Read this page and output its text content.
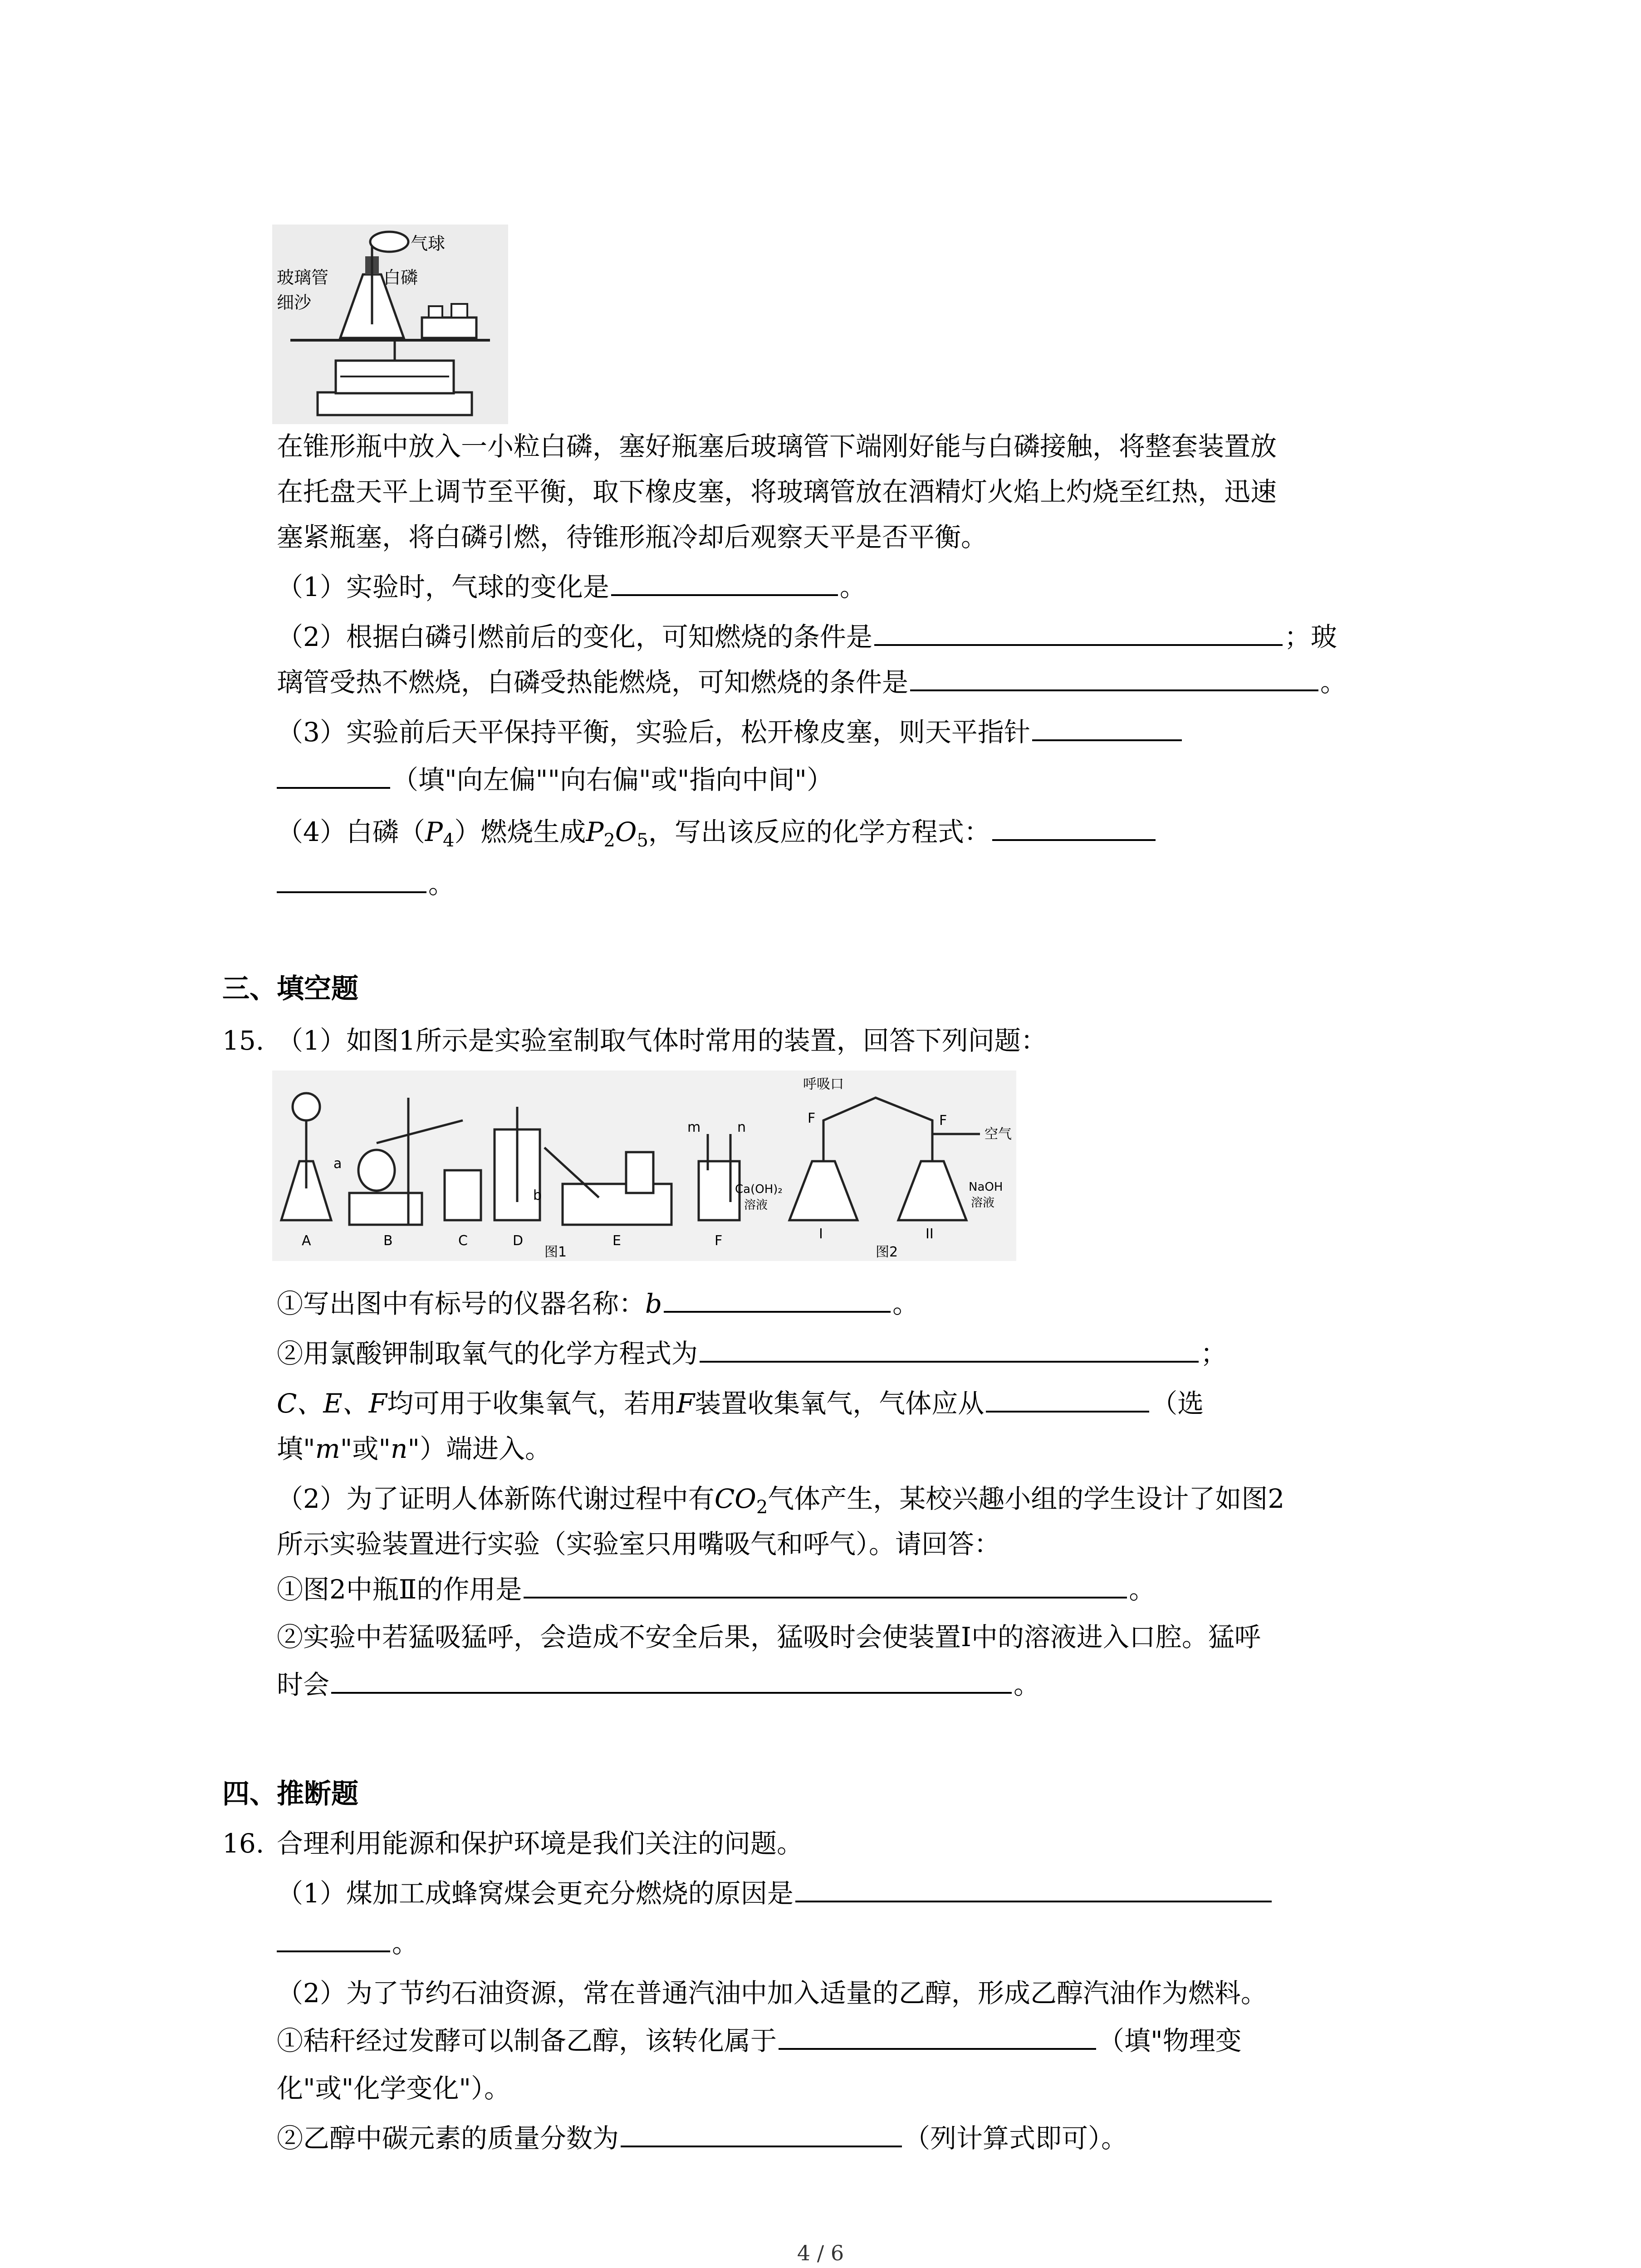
气球
玻璃管	白磷
细沙
在锥形瓶中放入一小粒白磷，塞好瓶塞后玻璃管下端刚好能与白磷接触，将整套装置放
在托盘天平上调节至平衡，取下橡皮塞，将玻璃管放在酒精灯火焰上灼烧至红热，迅速
塞紧瓶塞，将白磷引燃，待锥形瓶冷却后观察天平是否平衡。
（1）实验时，气球的变化是	。
（2）根据白磷引燃前后的变化，可知燃烧的条件是	；玻
璃管受热不燃烧，白磷受热能燃烧，可知燃烧的条件是	。
（3）实验前后天平保持平衡，实验后，松开橡皮塞，则天平指针
（填"向左偏""向右偏"或"指向中间"）
（4）白磷$(P_4)$燃烧生成$P_2O_5$，写出该反应的化学方程式：
。
三、填空题
15. （1）如图1所示是实验室制取气体时常用的装置，回答下列问题：
a
b
m	n
A	B	C	D	E	F
图1
呼吸口
F	F
空气
Ca(OH)₂
溶液
NaOH
溶液
I	II
图2
①写出图中有标号的仪器名称：b	。
②用氯酸钾制取氧气的化学方程式为	；
C、E、F均可用于收集氧气，若用F装置收集氧气，气体应从	（选
填"m"或"n"）端进入。
（2）为了证明人体新陈代谢过程中有$CO_2$气体产生，某校兴趣小组的学生设计了如图2
所示实验装置进行实验（实验室只用嘴吸气和呼气）。请回答：
①图2中瓶Ⅱ的作用是	。
②实验中若猛吸猛呼，会造成不安全后果，猛吸时会使装置Ⅰ中的溶液进入口腔。猛呼
时会	。
四、推断题
16. 合理利用能源和保护环境是我们关注的问题。
（1）煤加工成蜂窝煤会更充分燃烧的原因是
。
（2）为了节约石油资源，常在普通汽油中加入适量的乙醇，形成乙醇汽油作为燃料。
①秸秆经过发酵可以制备乙醇，该转化属于	（填"物理变
化"或"化学变化"）。
②乙醇中碳元素的质量分数为	（列计算式即可）。
4 / 6
